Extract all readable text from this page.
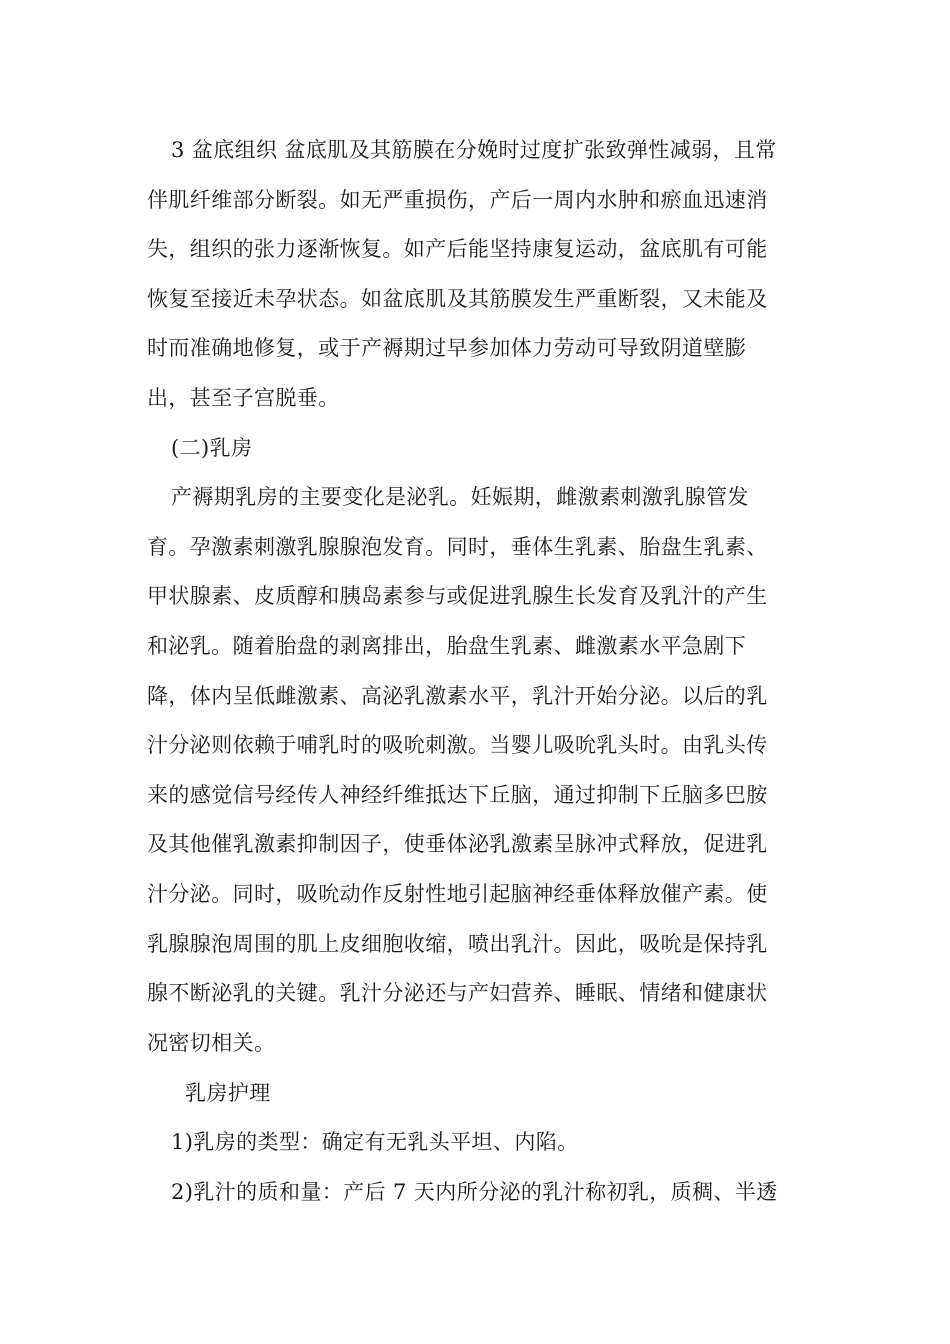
3 盆底组织 盆底肌及其筋膜在分娩时过度扩张致弹性减弱，且常
伴肌纤维部分断裂。如无严重损伤，产后一周内水肿和瘀血迅速消
失，组织的张力逐渐恢复。如产后能坚持康复运动，盆底肌有可能
恢复至接近未孕状态。如盆底肌及其筋膜发生严重断裂，又未能及
时而准确地修复，或于产褥期过早参加体力劳动可导致阴道壁膨
出，甚至子宫脱垂。
(二)乳房
产褥期乳房的主要变化是泌乳。妊娠期，雌激素刺激乳腺管发
育。孕激素刺激乳腺腺泡发育。同时，垂体生乳素、胎盘生乳素、
甲状腺素、皮质醇和胰岛素参与或促进乳腺生长发育及乳汁的产生
和泌乳。随着胎盘的剥离排出，胎盘生乳素、雌激素水平急剧下
降，体内呈低雌激素、高泌乳激素水平，乳汁开始分泌。以后的乳
汁分泌则依赖于哺乳时的吸吮刺激。当婴儿吸吮乳头时。由乳头传
来的感觉信号经传人神经纤维抵达下丘脑，通过抑制下丘脑多巴胺
及其他催乳激素抑制因子，使垂体泌乳激素呈脉冲式释放，促进乳
汁分泌。同时，吸吮动作反射性地引起脑神经垂体释放催产素。使
乳腺腺泡周围的肌上皮细胞收缩，喷出乳汁。因此，吸吮是保持乳
腺不断泌乳的关键。乳汁分泌还与产妇营养、睡眠、情绪和健康状
况密切相关。
乳房护理
1)乳房的类型：确定有无乳头平坦、内陷。
2)乳汁的质和量：产后 7 天内所分泌的乳汁称初乳，质稠、半透
